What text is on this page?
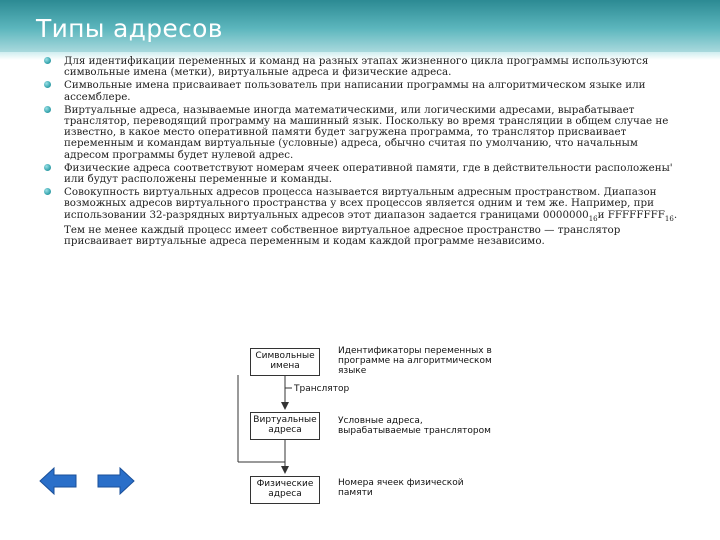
Типы адресов
Для идентификации переменных и команд на разных этапах жизненного цикла программы используются символьные имена (метки), виртуальные адреса и физические адреса.
Символьные имена присваивает пользователь при написании программы на алгоритмическом языке или ассемблере.
Виртуальные адреса, называемые иногда математическими, или логическими адресами, вырабатывает транслятор, переводящий программу на машинный язык. Поскольку во время трансляции в общем случае не известно, в какое место оперативной памяти будет загружена программа, то транслятор присваивает переменным и командам виртуальные (условные) адреса, обычно считая по умолчанию, что начальным адресом программы будет нулевой адрес.
Физические адреса соответствуют номерам ячеек оперативной памяти, где в действительности расположены' или будут расположены переменные и команды.
Совокупность виртуальных адресов процесса называется виртуальным адресным пространством. Диапазон возможных адресов виртуального пространства у всех процессов является одним и тем же. Например, при использовании 32-разрядных виртуальных адресов этот диапазон задается границами $0000000_{16}и$ $FFFFFFFF_{16}$. Тем не менее каждый процесс имеет собственное виртуальное адресное пространство — транслятор присваивает виртуальные адреса переменным и кодам каждой программе независимо.
Символьные имена
Виртуальные адреса
Физические адреса
Идентификаторы переменных в программе на алгоритмическом языке
Транслятор
Условные адреса, вырабатываемые транслятором
Номера ячеек физической памяти
